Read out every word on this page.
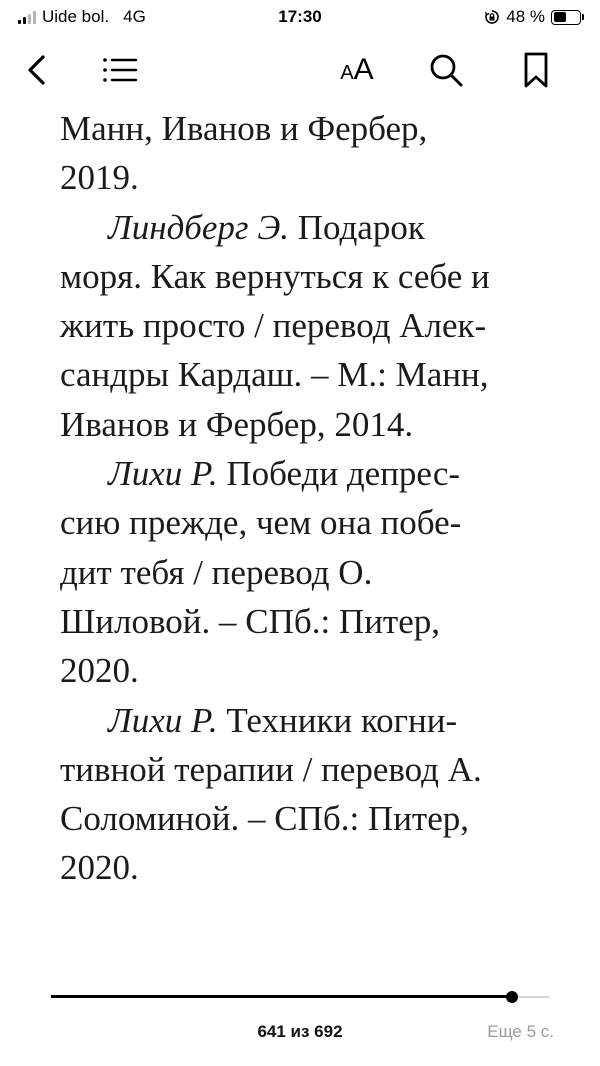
Uide bol. 4G	17:30	48 %
A A
Манн, Иванов и Фербер,
2019.
Линдберг Э. Подарок
моря. Как вернуться к себе и
жить просто / перевод Алек-
сандры Кардаш. – М.: Манн,
Иванов и Фербер, 2014.
Лихи Р. Победи депрес-
сию прежде, чем она побе-
дит тебя / перевод О.
Шиловой. – СПб.: Питер,
2020.
Лихи Р. Техники когни-
тивной терапии / перевод А.
Соломиной. – СПб.: Питер,
2020.
641 из 692	Еще 5 с.
